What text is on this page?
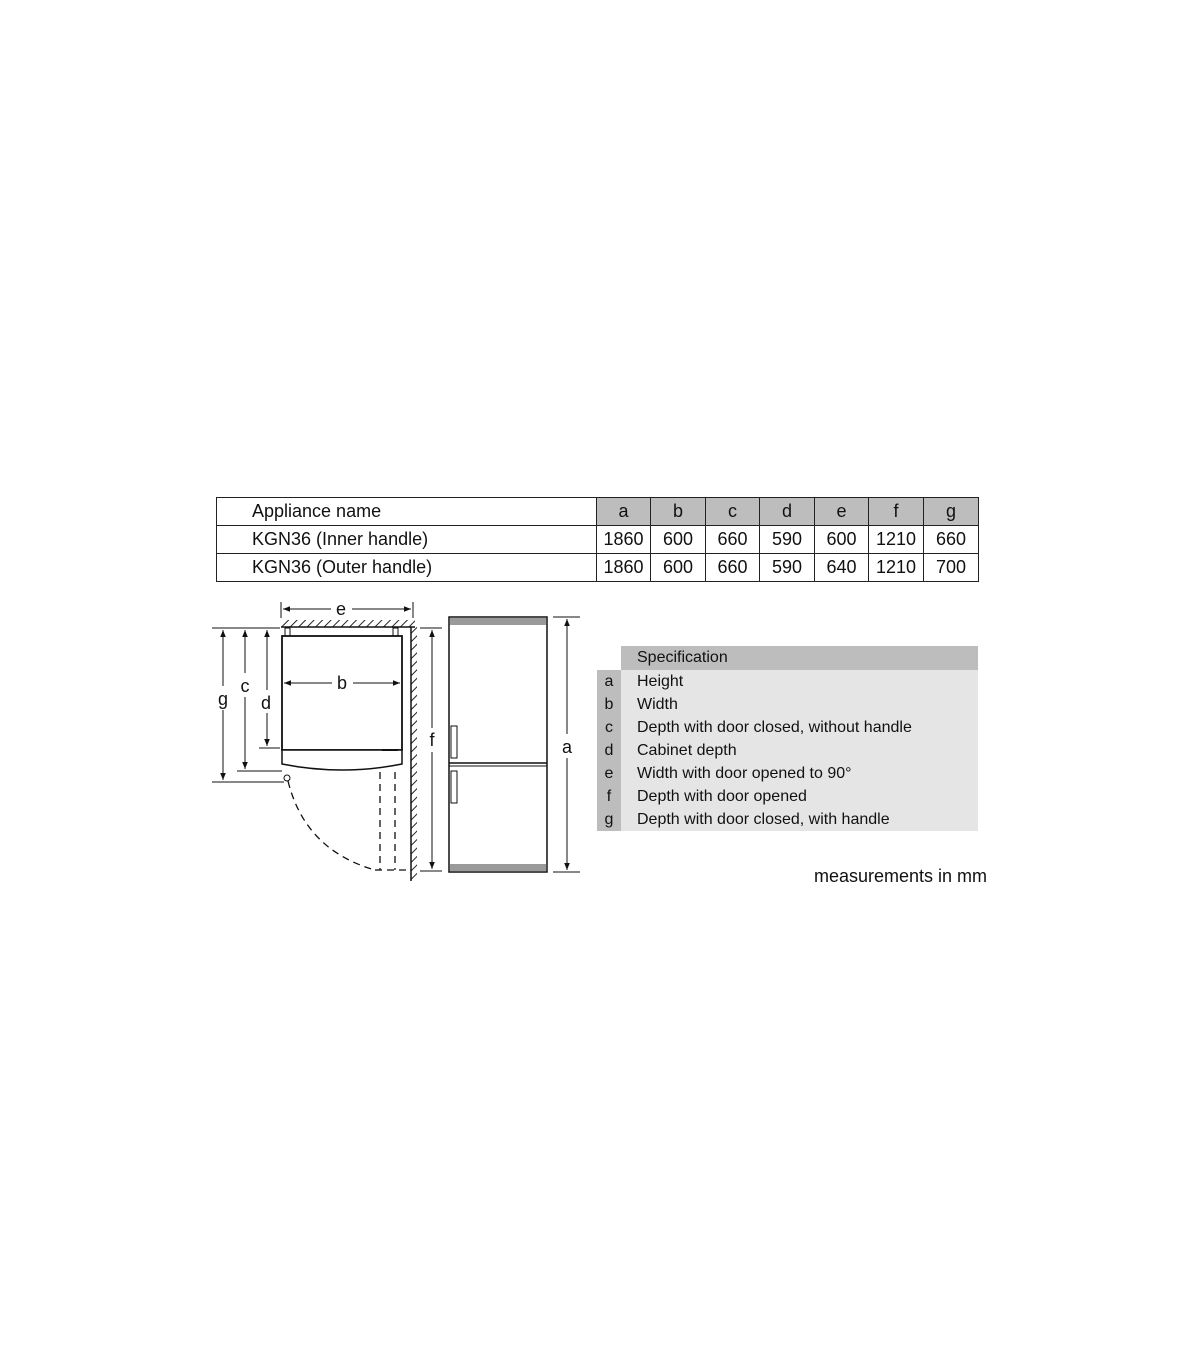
Appliance name	a	b	c	d	e	f	g
KGN36 (Inner handle)	1860	600	660	590	600	1210	660
KGN36 (Outer handle)	1860	600	660	590	640	1210	700
e
b
d
c
g
f	a
Specification
a	Height
b	Width
c	Depth with door closed, without handle
d	Cabinet depth
e	Width with door opened to 90°
f	Depth with door opened
g	Depth with door closed, with handle
measurements in mm
